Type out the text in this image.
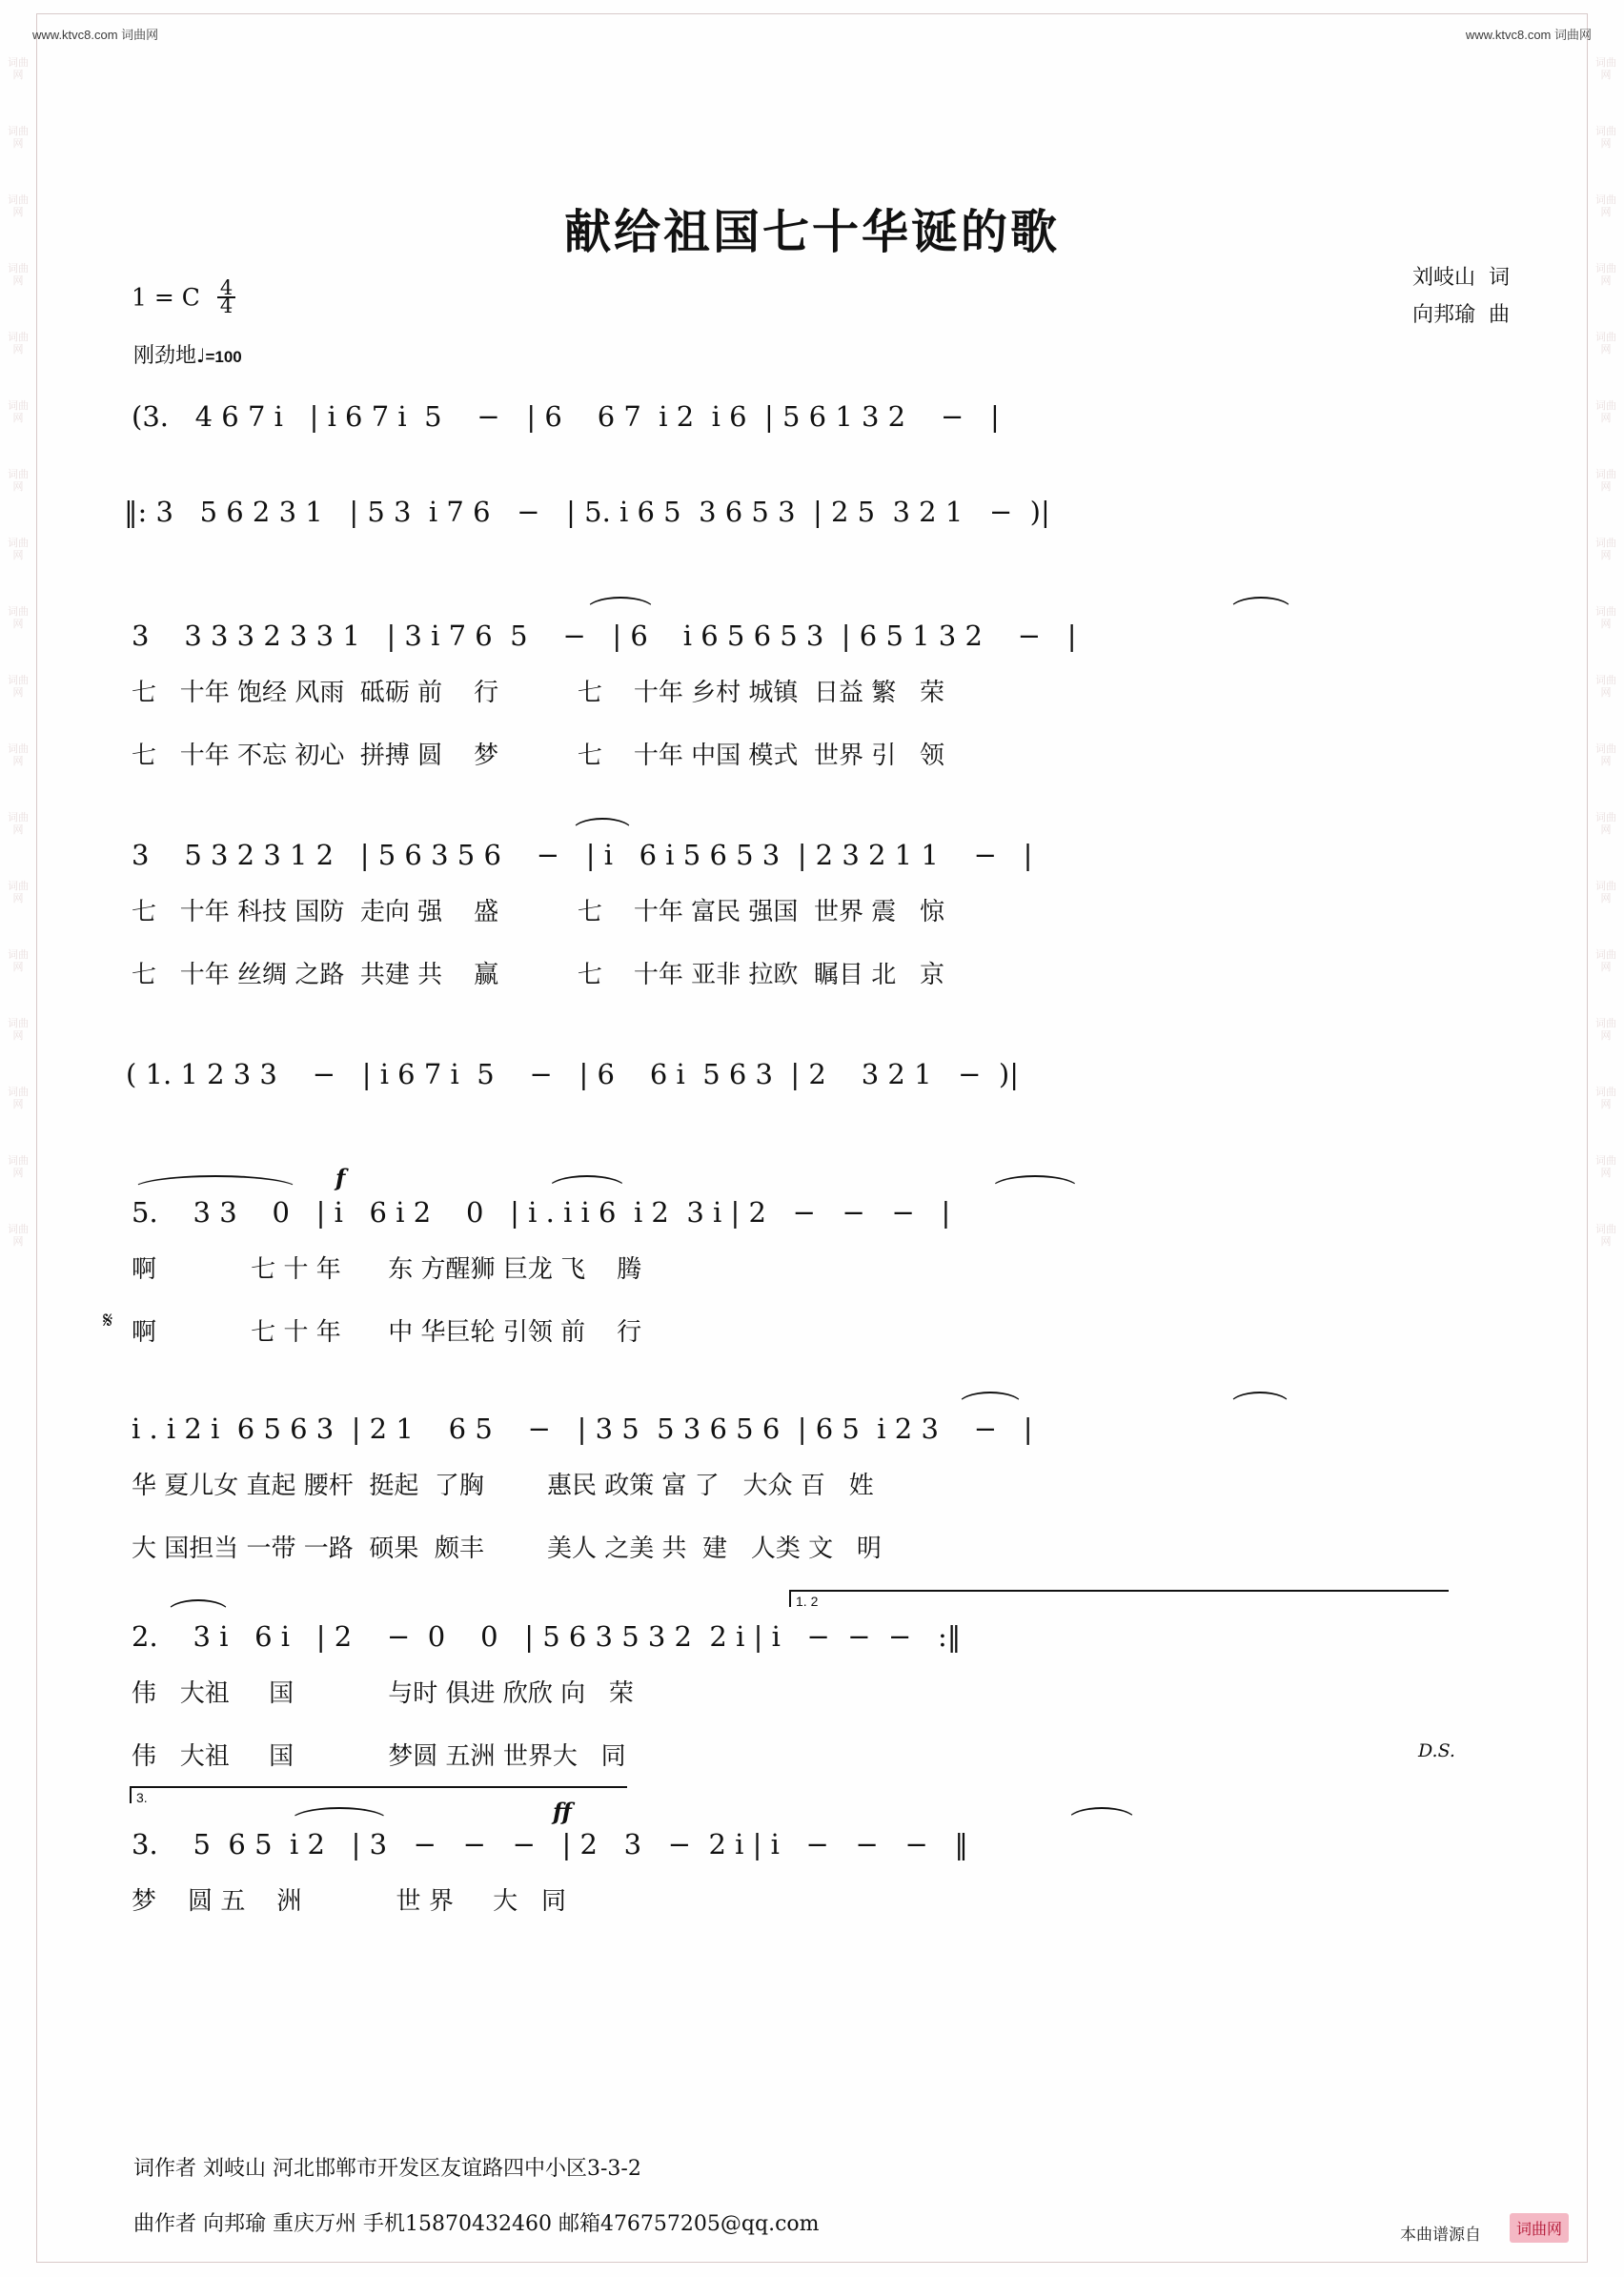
www.ktvc8.com 词曲网	www.ktvc8.com 词曲网
词曲网
词曲网
词曲网
词曲网
词曲网
词曲网
词曲网
词曲网
词曲网
词曲网
词曲网
词曲网
词曲网
词曲网
词曲网
词曲网
词曲网
词曲网
词曲网
词曲网
词曲网
词曲网
词曲网
词曲网
词曲网
词曲网
词曲网
词曲网
词曲网
词曲网
词曲网
词曲网
词曲网
词曲网
词曲网
词曲网
献给祖国七十华诞的歌
刘岐山 词
向邦瑜 曲
1 = C $\frac{4}{4}$
刚劲地♩=100
(3.   4 6 7 i   | i 6 7 i  5    −   | 6    6 7  i 2  i 6  | 5 6 1 3 2    −   |
‖: 3   5 6 2 3 1   | 5 3  i 7 6   −   | 5. i 6 5  3 6 5 3  | 2 5  3 2 1   −  )|
3    3 3 3 2 3 3 1   | 3 i 7 6  5    −   | 6    i 6 5 6 5 3  | 6 5 1 3 2    −   |
七   十年 饱经 风雨  砥砺 前    行          七    十年 乡村 城镇  日益 繁   荣
七   十年 不忘 初心  拼搏 圆    梦          七    十年 中国 模式  世界 引   领
3    5 3 2 3 1 2   | 5 6 3 5 6    −   | i   6 i 5 6 5 3  | 2 3 2 1 1    −   |
七   十年 科技 国防  走向 强    盛          七    十年 富民 强国  世界 震   惊
七   十年 丝绸 之路  共建 共    赢          七    十年 亚非 拉欧  瞩目 北   京
( 1. 1 2 3 3    −   | i 6 7 i  5    −   | 6    6 i  5 6 3  | 2    3 2 1   −  )|
f
5.    3 3    0   | i   6 i 2    0   | i . i i 6  i 2  3 i | 2   −   −   −   |
啊            七 十 年      东 方醒狮 巨龙 飞    腾
𝄋 啊            七 十 年      中 华巨轮 引领 前    行
i . i 2 i  6 5 6 3  | 2 1    6 5    −   | 3 5  5 3 6 5 6  | 6 5  i 2 3    −   |
华 夏儿女 直起 腰杆  挺起  了胸        惠民 政策 富 了   大众 百   姓
大 国担当 一带 一路  硕果  颇丰        美人 之美 共  建   人类 文   明
1. 2
2.    3 i   6 i   | 2    −  0    0   | 5 6 3 5 3 2  2 i | i   −  −  −   :‖
伟   大祖     国            与时 俱进 欣欣 向   荣
伟   大祖     国            梦圆 五洲 世界大   同	D.S.
3.	ff
3.    5  6 5  i 2   | 3   −   −   −   | 2   3   −  2 i | i   −   −   −   ‖
梦    圆 五    洲            世 界     大   同
词作者 刘岐山 河北邯郸市开发区友谊路四中小区3-3-2
曲作者 向邦瑜 重庆万州 手机15870432460 邮箱476757205@qq.com	本曲谱源自	词曲网
